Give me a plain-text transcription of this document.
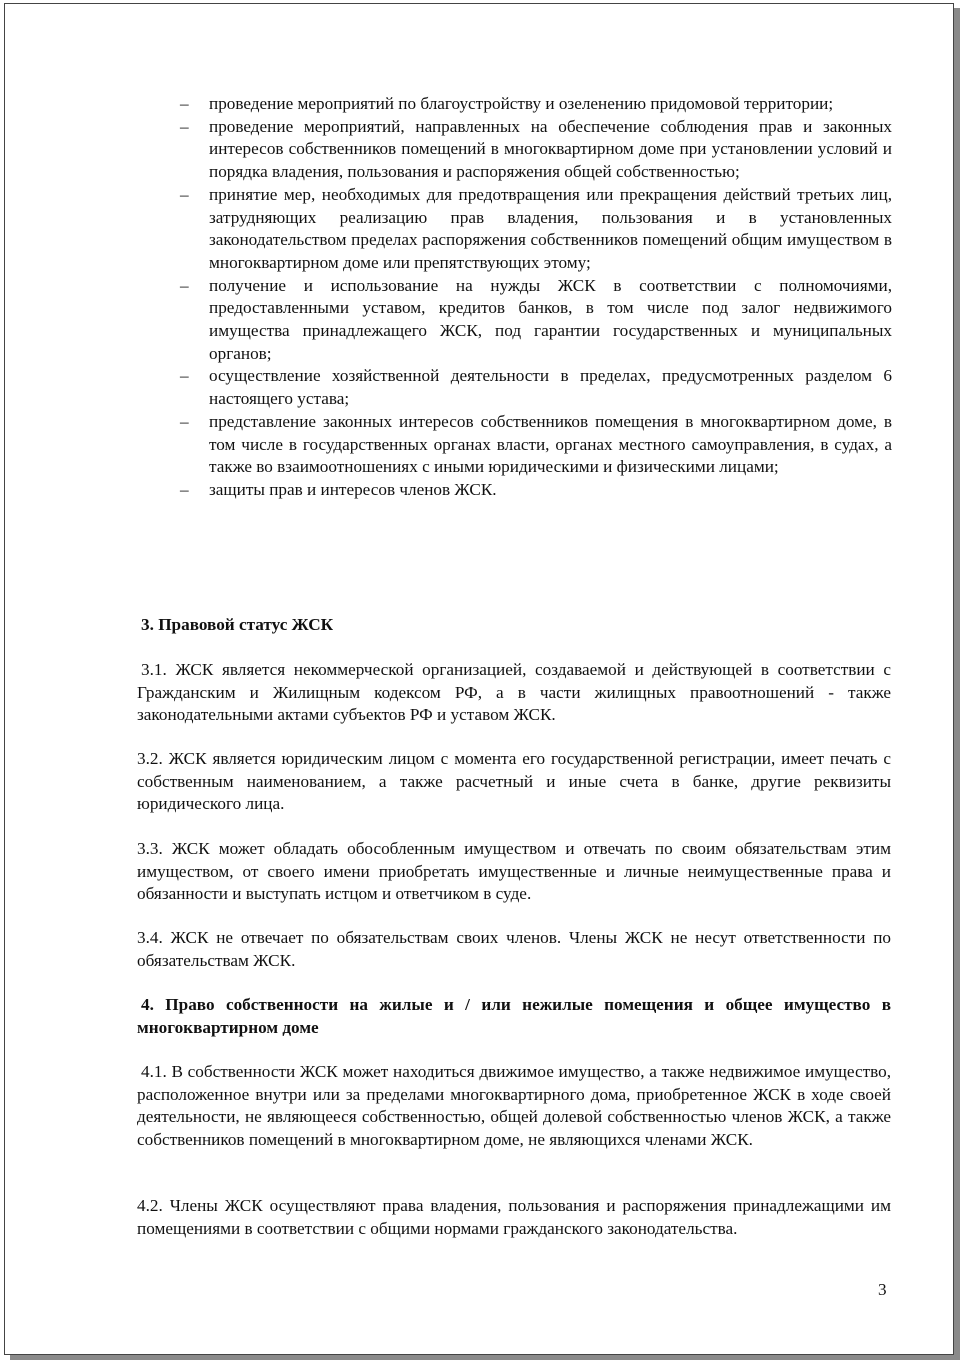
– проведение мероприятий по благоустройству и озеленению придомовой территории;
– проведение мероприятий, направленных на обеспечение соблюдения прав и законных интересов собственников помещений в многоквартирном доме при установлении условий и порядка владения, пользования и распоряжения общей собственностью;
– принятие мер, необходимых для предотвращения или прекращения действий третьих лиц, затрудняющих реализацию прав владения, пользования и в установленных законодательством пределах распоряжения собственников помещений общим имуществом в многоквартирном доме или препятствующих этому;
– получение и использование на нужды ЖСК в соответствии с полномочиями, предоставленными уставом, кредитов банков, в том числе под залог недвижимого имущества принадлежащего ЖСК, под гарантии государственных и муниципальных органов;
– осуществление хозяйственной деятельности в пределах, предусмотренных разделом 6 настоящего устава;
– представление законных интересов собственников помещения в многоквартирном доме, в том числе в государственных органах власти, органах местного самоуправления, в судах, а также во взаимоотношениях с иными юридическими и физическими лицами;
– защиты прав и интересов членов ЖСК.
3. Правовой статус ЖСК

3.1. ЖСК является некоммерческой организацией, создаваемой и действующей в соответствии с Гражданским и Жилищным кодексом РФ, а в части жилищных правоотношений - также законодательными актами субъектов РФ и уставом ЖСК.

3.2. ЖСК является юридическим лицом с момента его государственной регистрации, имеет печать с собственным наименованием, а также расчетный и иные счета в банке, другие реквизиты юридического лица.

3.3. ЖСК может обладать обособленным имуществом и отвечать по своим обязательствам этим имуществом, от своего имени приобретать имущественные и личные неимущественные права и обязанности и выступать истцом и ответчиком в суде.

3.4. ЖСК не отвечает по обязательствам своих членов. Члены ЖСК не несут ответственности по обязательствам ЖСК.

4. Право собственности на жилые и / или нежилые помещения и общее имущество в многоквартирном доме

4.1. В собственности ЖСК может находиться движимое имущество, а также недвижимое имущество, расположенное внутри или за пределами многоквартирного дома, приобретенное ЖСК в ходе своей деятельности, не являющееся собственностью, общей долевой собственностью членов ЖСК, а также собственников помещений в многоквартирном доме, не являющихся членами ЖСК.

4.2. Члены ЖСК осуществляют права владения, пользования и распоряжения принадлежащими им помещениями в соответствии с общими нормами гражданского законодательства.

3
